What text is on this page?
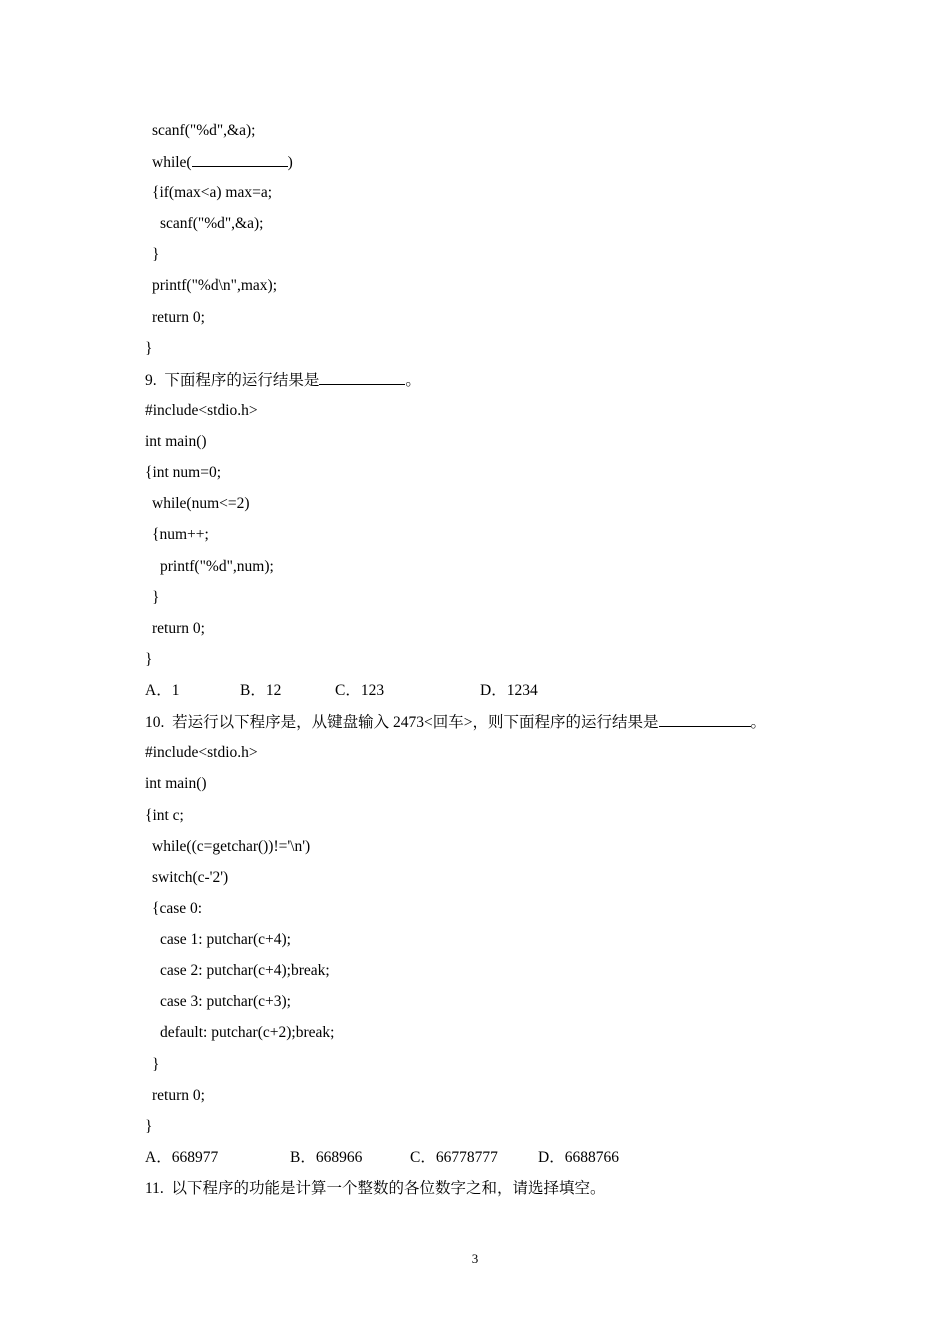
scanf("%d",&a);
while(	)
{if(max<a) max=a;
scanf("%d",&a);
}
printf("%d\n",max);
return 0;
}
9.  下面程序的运行结果是	。
#include<stdio.h>
int main()
{int num=0;
while(num<=2)
{num++;
printf("%d",num);
}
return 0;
}
A．1	B．12	C．123	D．1234
10.  若运行以下程序是，从键盘输入 2473<回车>，则下面程序的运行结果是	。
#include<stdio.h>
int main()
{int c;
while((c=getchar())!='\n')
switch(c-'2')
{case 0:
case 1: putchar(c+4);
case 2: putchar(c+4);break;
case 3: putchar(c+3);
default: putchar(c+2);break;
}
return 0;
}
A．668977	B．668966	C．66778777	D．6688766
11.  以下程序的功能是计算一个整数的各位数字之和，请选择填空。
3
